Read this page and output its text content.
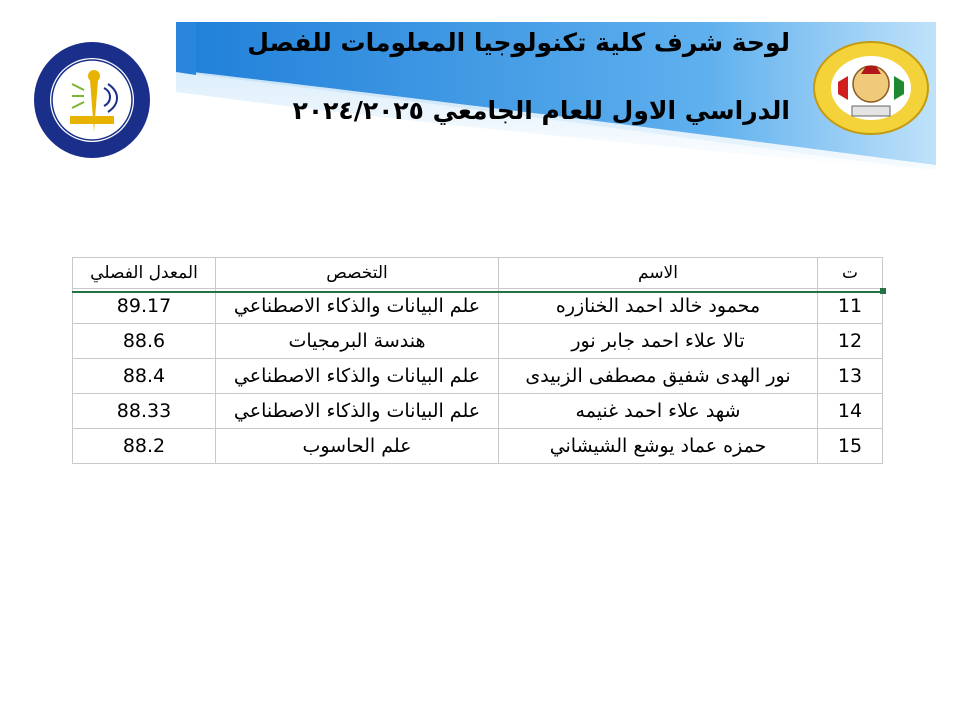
لوحة شرف كلية تكنولوجيا المعلومات للفصل
الدراسي الاول للعام الجامعي ٢٠٢٤/٢٠٢٥
ت	الاسم	التخصص	المعدل الفصلي
11	محمود خالد احمد الخنازره	علم البيانات والذكاء الاصطناعي	89.17
12	تالا علاء احمد جابر نور	هندسة البرمجيات	88.6
13	نور الهدى شفيق مصطفى الزبيدى	علم البيانات والذكاء الاصطناعي	88.4
14	شهد علاء احمد غنيمه	علم البيانات والذكاء الاصطناعي	88.33
15	حمزه عماد يوشع الشيشاني	علم الحاسوب	88.2
